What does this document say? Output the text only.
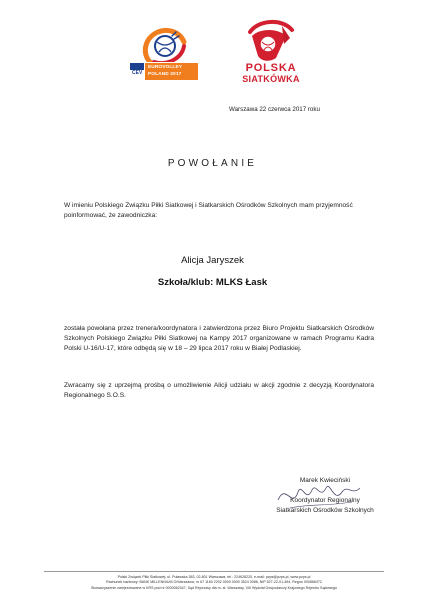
CEV
EUROVOLLEY
POLAND 2017
POLSKA
SIATKÓWKA
Warszawa 22 czerwca 2017 roku
POWOŁANIE

W imieniu Polskiego Związku Piłki Siatkowej i Siatkarskich Ośrodków Szkolnych mam przyjemność poinformować, że zawodniczka:

Alicja Jaryszek
Szkoła/klub: MLKS Łask

została powołana przez trenera/koordynatora i zatwierdzona przez Biuro Projektu Siatkarskich Ośrodków Szkolnych Polskiego Związku Piłki Siatkowej na Kampy 2017 organizowane w ramach Programu Kadra Polski U-16/U-17, które odbędą się w 18 – 29 lipca 2017 roku w Białej Podlaskiej.

Zwracamy się z uprzejmą prośbą o umożliwienie Alicji udziału w akcji zgodnie z decyzją Koordynatora Regionalnego S.O.S.

Marek Kwieciński
Koordynator Regionalny
Siatkarskich Ośrodków Szkolnych
Polski Związek Piłki Siatkowej, ul. Puławska 383, 02-801 Warszawa, tel.: 224628220, e-mail: pzps@pzps.pl, www.pzps.pl
Rachunek bankowy: BANK MILLENNIUM O/Warszawa, nr 67 1160 2202 0000 0000 3524 0086, NIP 527-22-01-494, Regon 000866372
Stowarzyszenie zarejestrowane w KRS pod nr 0000062347, Sąd Rejonowy dla m. st. Warszawy, XIII Wydział Gospodarczy Krajowego Rejestru Sądowego
